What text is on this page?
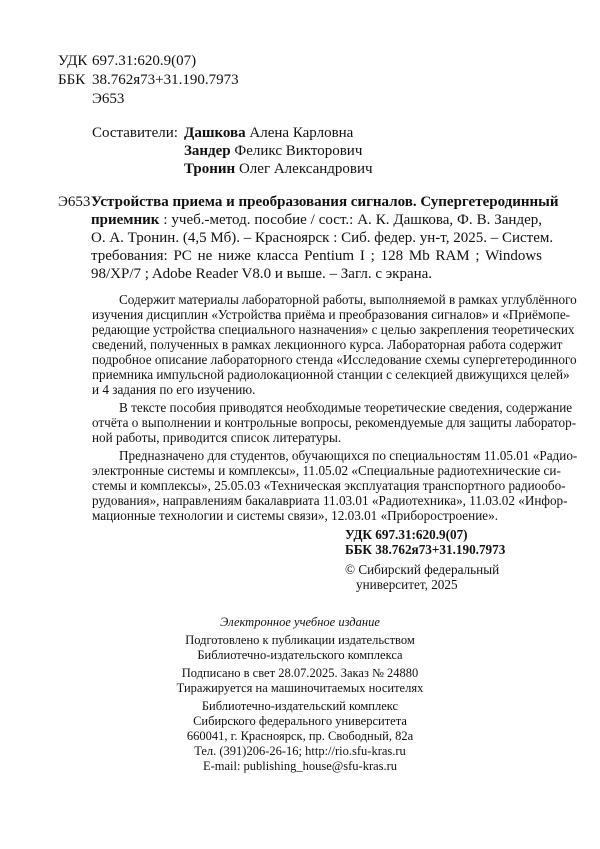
УДК 697.31:620.9(07)
ББК 38.762я73+31.190.7973
Э653
Составители: Дашкова Алена Карловна
Зандер Феликс Викторович
Тронин Олег Александрович
Э653 Устройства приема и преобразования сигналов. Супергетеродинный
приемник : учеб.-метод. пособие / сост.: А. К. Дашкова, Ф. В. Зандер,
О. А. Тронин. (4,5 Мб). – Красноярск : Сиб. федер. ун-т, 2025. – Систем.
требования: PC не ниже класса Pentium I ; 128 Mb RAM ; Windows
98/XP/7 ; Adobe Reader V8.0 и выше. – Загл. с экрана.
Содержит материалы лабораторной работы, выполняемой в рамках углублённого
изучения дисциплин «Устройства приёма и преобразования сигналов» и «Приёмопе-
редающие устройства специального назначения» с целью закрепления теоретических
сведений, полученных в рамках лекционного курса. Лабораторная работа содержит
подробное описание лабораторного стенда «Исследование схемы супергетеродинного
приемника импульсной радиолокационной станции с селекцией движущихся целей»
и 4 задания по его изучению.
В тексте пособия приводятся необходимые теоретические сведения, содержание
отчёта о выполнении и контрольные вопросы, рекомендуемые для защиты лаборатор-
ной работы, приводится список литературы.
Предназначено для студентов, обучающихся по специальностям 11.05.01 «Радио-
электронные системы и комплексы», 11.05.02 «Специальные радиотехнические си-
стемы и комплексы», 25.05.03 «Техническая эксплуатация транспортного радиообо-
рудования», направлениям бакалавриата 11.03.01 «Радиотехника», 11.03.02 «Инфор-
мационные технологии и системы связи», 12.03.01 «Приборостроение».
УДК 697.31:620.9(07)
ББК 38.762я73+31.190.7973
© Сибирский федеральный
университет, 2025
Электронное учебное издание
Подготовлено к публикации издательством
Библиотечно-издательского комплекса
Подписано в свет 28.07.2025. Заказ № 24880
Тиражируется на машиночитаемых носителях
Библиотечно-издательский комплекс
Сибирского федерального университета
660041, г. Красноярск, пр. Свободный, 82а
Тел. (391)206-26-16; http://rio.sfu-kras.ru
E-mail: publishing_house@sfu-kras.ru
